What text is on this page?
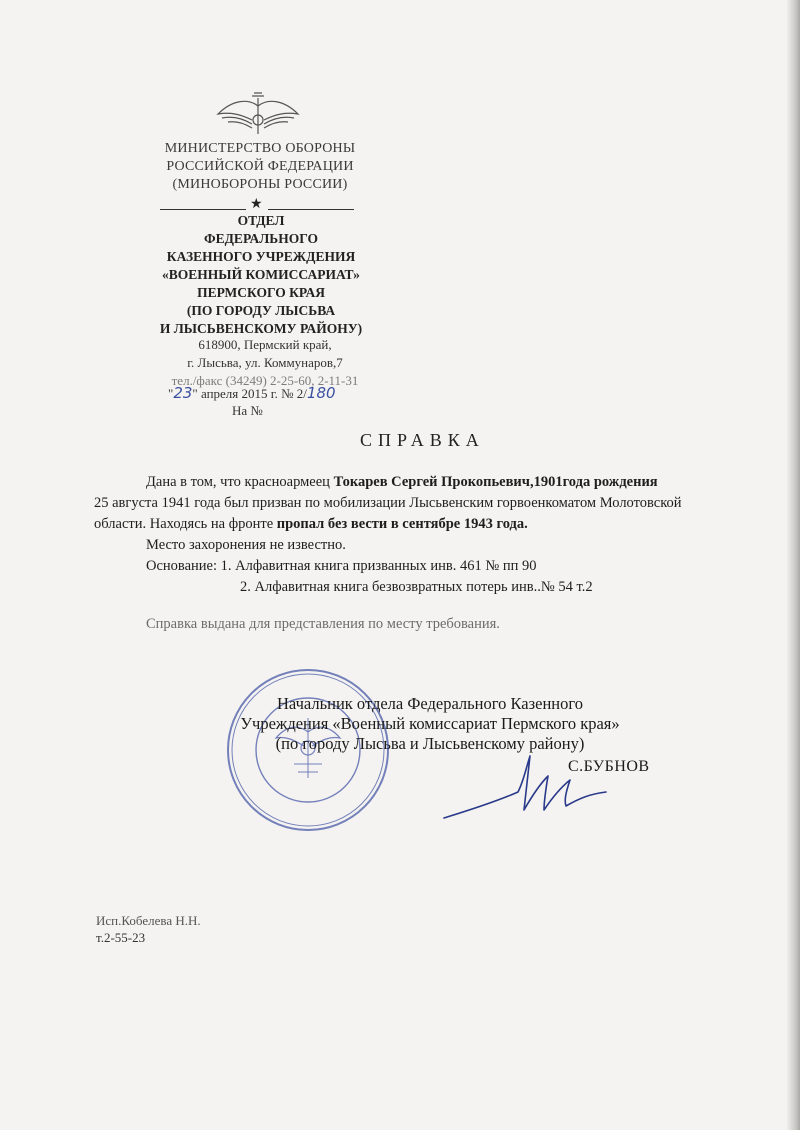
МИНИСТЕРСТВО ОБОРОНЫ
РОССИЙСКОЙ ФЕДЕРАЦИИ
(МИНОБОРОНЫ РОССИИ)
★
ОТДЕЛ
ФЕДЕРАЛЬНОГО
КАЗЕННОГО УЧРЕЖДЕНИЯ
«ВОЕННЫЙ КОМИССАРИАТ»
ПЕРМСКОГО КРАЯ
(ПО ГОРОДУ ЛЫСЬВА
И ЛЫСЬВЕНСКОМУ РАЙОНУ)
618900, Пермский край,
г. Лысьва, ул. Коммунаров,7
тел./факс (34249) 2-25-60, 2-11-31
"23" апреля 2015 г. № 2/180
На №
СПРАВКА
Дана в том, что красноармеец Токарев Сергей Прокопьевич,1901года рождения
25 августа 1941 года был призван по мобилизации Лысьвенским горвоенкоматом Молотовской
области. Находясь на фронте пропал без вести в сентябре 1943 года.
Место захоронения не известно.
Основание: 1. Алфавитная книга призванных инв. 461 № пп 90
2. Алфавитная книга безвозвратных потерь инв..№ 54 т.2
Справка выдана для представления по месту требования.
Начальник отдела Федерального Казенного
Учреждения «Военный комиссариат Пермского края»
(по городу Лысьва и Лысьвенскому району)
С.БУБНОВ
Исп.Кобелева Н.Н.
т.2-55-23
